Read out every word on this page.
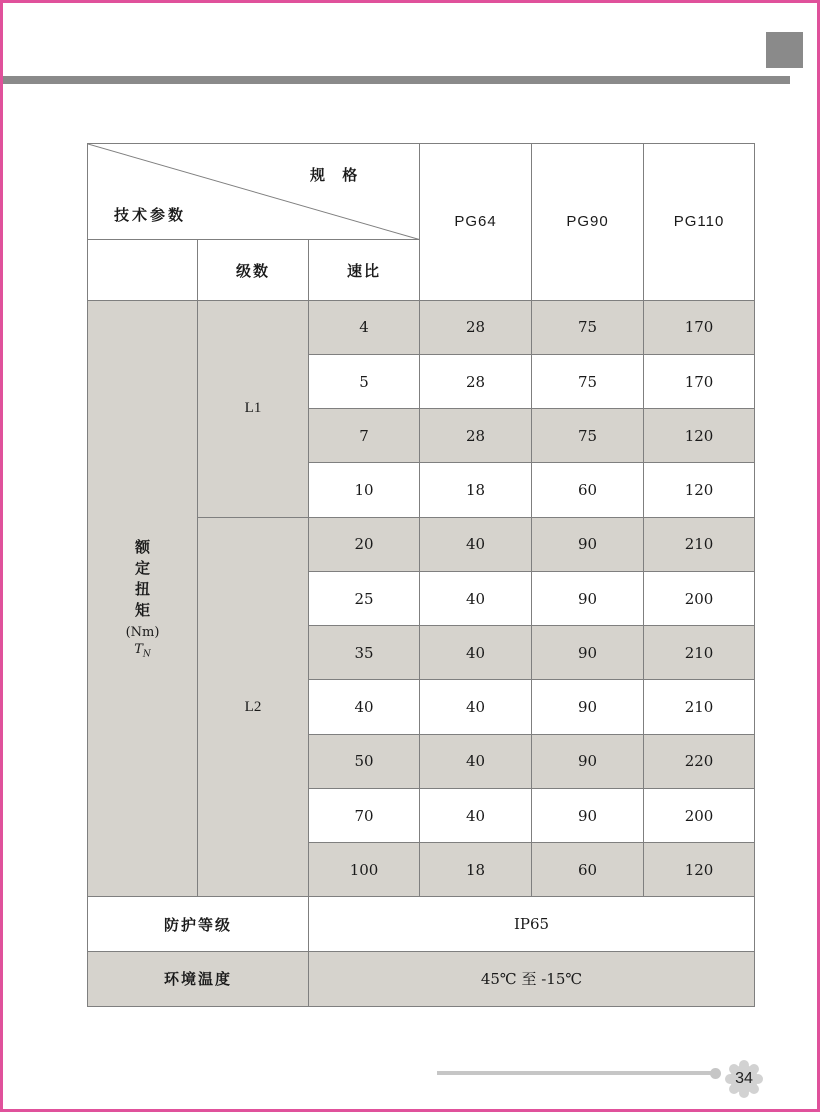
规 格
技术参数			PG64	PG90	PG110
	级数	速比			

额
定
扭
矩
(Nm)
$T_N$
	L1	4	28	75	170
		5	28	75	170
		7	28	75	120
		10	18	60	120
	L2	20	40	90	210
		25	40	90	200
		35	40	90	210
		40	40	90	210
		50	40	90	220
		70	40	90	200
		100	18	60	120
防护等级		IP65			
环境温度		45℃ 至 -15℃			
34
